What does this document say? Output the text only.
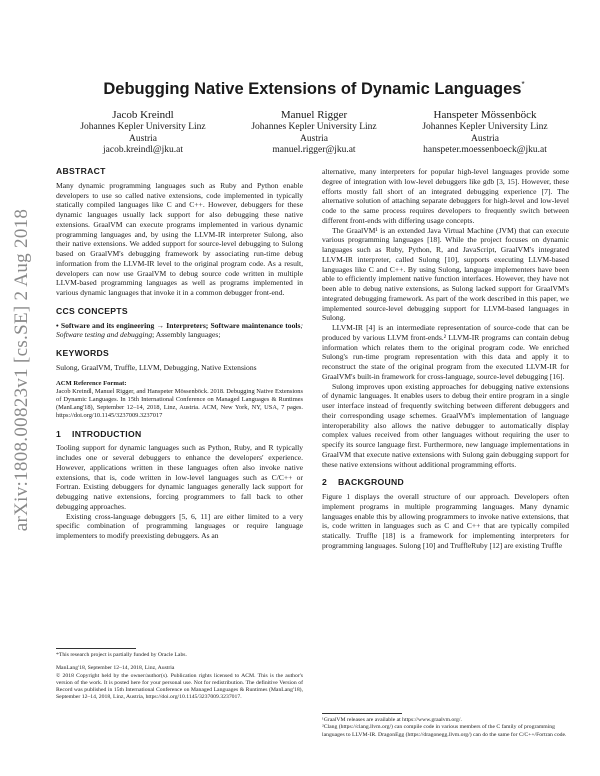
arXiv:1808.00823v1 [cs.SE] 2 Aug 2018
Debugging Native Extensions of Dynamic Languages*
Jacob Kreindl
Johannes Kepler University Linz
Austria
jacob.kreindl@jku.at
Manuel Rigger
Johannes Kepler University Linz
Austria
manuel.rigger@jku.at
Hanspeter Mössenböck
Johannes Kepler University Linz
Austria
hanspeter.moessenboeck@jku.at
ABSTRACT

Many dynamic programming languages such as Ruby and Python enable developers to use so called native extensions, code implemented in typically statically compiled languages like C and C++. However, debuggers for these dynamic languages usually lack support for also debugging these native extensions. GraalVM can execute programs implemented in various dynamic programming languages and, by using the LLVM-IR interpreter Sulong, also their native extensions. We added support for source-level debugging to Sulong based on GraalVM's debugging framework by associating run-time debug information from the LLVM-IR level to the original program code. As a result, developers can now use GraalVM to debug source code written in multiple LLVM-based programming languages as well as programs implemented in various dynamic languages that invoke it in a common debugger front-end.

CCS CONCEPTS

• Software and its engineering → Interpreters; Software maintenance tools; Software testing and debugging; Assembly languages;

KEYWORDS

Sulong, GraalVM, Truffle, LLVM, Debugging, Native Extensions

ACM Reference Format:

Jacob Kreindl, Manuel Rigger, and Hanspeter Mössenböck. 2018. Debugging Native Extensions of Dynamic Languages. In 15th International Conference on Managed Languages & Runtimes (ManLang'18), September 12–14, 2018, Linz, Austria. ACM, New York, NY, USA, 7 pages. https://doi.org/10.1145/3237009.3237017

1 INTRODUCTION

Tooling support for dynamic languages such as Python, Ruby, and R typically includes one or several debuggers to enhance the developers' experience. However, applications written in these languages often also invoke native extensions, that is, code written in low-level languages such as C/C++ or Fortran. Existing debuggers for dynamic languages generally lack support for debugging native extensions, forcing programmers to fall back to other debugging approaches.

Existing cross-language debuggers [5, 6, 11] are either limited to a very specific combination of programming languages or require language implementers to modify preexisting debuggers. As an

*This research project is partially funded by Oracle Labs.

ManLang'18, September 12–14, 2018, Linz, Austria

© 2018 Copyright held by the owner/author(s). Publication rights licensed to ACM. This is the author's version of the work. It is posted here for your personal use. Not for redistribution. The definitive Version of Record was published in 15th International Conference on Managed Languages & Runtimes (ManLang'18), September 12–14, 2018, Linz, Austria, https://doi.org/10.1145/3237009.3237017.

alternative, many interpreters for popular high-level languages provide some degree of integration with low-level debuggers like gdb [3, 15]. However, these efforts mostly fall short of an integrated debugging experience [7]. The alternative solution of attaching separate debuggers for high-level and low-level code to the same process requires developers to frequently switch between different front-ends with differing usage concepts.

The GraalVM¹ is an extended Java Virtual Machine (JVM) that can execute various programming languages [18]. While the project focuses on dynamic languages such as Ruby, Python, R, and JavaScript, GraalVM's integrated LLVM-IR interpreter, called Sulong [10], supports executing LLVM-based languages like C and C++. By using Sulong, language implementers have been able to efficiently implement native function interfaces. However, they have not been able to debug native extensions, as Sulong lacked support for GraalVM's integrated debugging framework. As part of the work described in this paper, we implemented source-level debugging support for LLVM-based languages in Sulong.

LLVM-IR [4] is an intermediate representation of source-code that can be produced by various LLVM front-ends.² LLVM-IR programs can contain debug information which relates them to the original program code. We enriched Sulong's run-time program representation with this data and apply it to reconstruct the state of the original program from the executed LLVM-IR for GraalVM's built-in framework for cross-language, source-level debugging [16].

Sulong improves upon existing approaches for debugging native extensions of dynamic languages. It enables users to debug their entire program in a single user interface instead of frequently switching between different debuggers and their corresponding usage schemes. GraalVM's implementation of language interoperability also allows the native debugger to automatically display complex values received from other languages without requiring the user to specify its source language first. Furthermore, new language implementations in GraalVM that execute native extensions with Sulong gain debugging support for these native extensions without additional programming efforts.

2 BACKGROUND

Figure 1 displays the overall structure of our approach. Developers often implement programs in multiple programming languages. Many dynamic languages enable this by allowing programmers to invoke native extensions, that is, code written in languages such as C and C++ that are typically compiled statically. Truffle [18] is a framework for implementing interpreters for programming languages. Sulong [10] and TruffleRuby [12] are existing Truffle

¹GraalVM releases are available at https://www.graalvm.org/.

²Clang (https://clang.llvm.org/) can compile code in various members of the C family of programming languages to LLVM-IR. DragonEgg (https://dragonegg.llvm.org/) can do the same for C/C++/Fortran code.
